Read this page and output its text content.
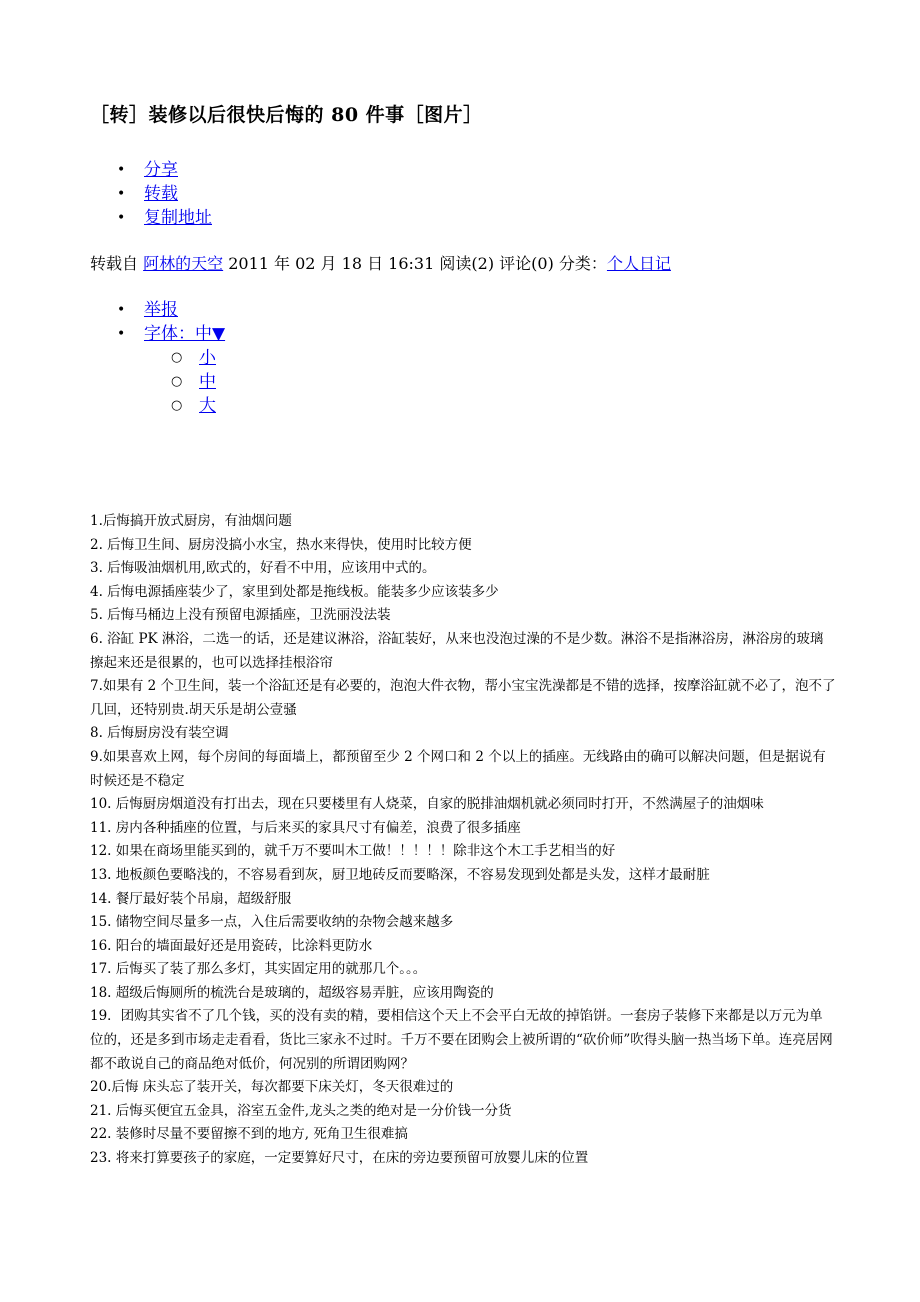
［转］装修以后很快后悔的 80 件事［图片］
• 分享
• 转载
• 复制地址
转载自 阿林的天空 2011 年 02 月 18 日 16:31 阅读(2) 评论(0) 分类：个人日记
• 举报
• 字体：中▼
○ 小
○ 中
○ 大

1.后悔搞开放式厨房，有油烟问题

2. 后悔卫生间、厨房没搞小水宝，热水来得快，使用时比较方便

3. 后悔吸油烟机用,欧式的，好看不中用，应该用中式的。

4. 后悔电源插座装少了，家里到处都是拖线板。能装多少应该装多少

5. 后悔马桶边上没有预留电源插座，卫洗丽没法装

6. 浴缸 PK 淋浴，二选一的话，还是建议淋浴，浴缸装好，从来也没泡过澡的不是少数。淋浴不是指淋浴房，淋浴房的玻璃擦起来还是很累的，也可以选择挂根浴帘

7.如果有 2 个卫生间，装一个浴缸还是有必要的，泡泡大件衣物，帮小宝宝洗澡都是不错的选择，按摩浴缸就不必了，泡不了几回，还特别贵.胡天乐是胡公壹骚

8. 后悔厨房没有装空调

9.如果喜欢上网，每个房间的每面墙上，都预留至少 2 个网口和 2 个以上的插座。无线路由的确可以解决问题，但是据说有时候还是不稳定

10. 后悔厨房烟道没有打出去，现在只要楼里有人烧菜，自家的脱排油烟机就必须同时打开，不然满屋子的油烟味

11. 房内各种插座的位置，与后来买的家具尺寸有偏差，浪费了很多插座

12. 如果在商场里能买到的，就千万不要叫木工做！！！！！除非这个木工手艺相当的好

13. 地板颜色要略浅的，不容易看到灰，厨卫地砖反而要略深，不容易发现到处都是头发，这样才最耐脏

14. 餐厅最好装个吊扇，超级舒服

15. 储物空间尽量多一点，入住后需要收纳的杂物会越来越多

16. 阳台的墙面最好还是用瓷砖，比涂料更防水

17. 后悔买了装了那么多灯，其实固定用的就那几个。。。

18. 超级后悔厕所的梳洗台是玻璃的，超级容易弄脏，应该用陶瓷的

19．团购其实省不了几个钱，买的没有卖的精，要相信这个天上不会平白无故的掉馅饼。一套房子装修下来都是以万元为单位的，还是多到市场走走看看，货比三家永不过时。千万不要在团购会上被所谓的“砍价师”吹得头脑一热当场下单。连亮居网都不敢说自己的商品绝对低价，何况别的所谓团购网？

20.后悔 床头忘了装开关，每次都要下床关灯，冬天很难过的

21. 后悔买便宜五金具，浴室五金件,龙头之类的绝对是一分价钱一分货

22. 装修时尽量不要留擦不到的地方, 死角卫生很难搞

23. 将来打算要孩子的家庭，一定要算好尺寸，在床的旁边要预留可放婴儿床的位置
